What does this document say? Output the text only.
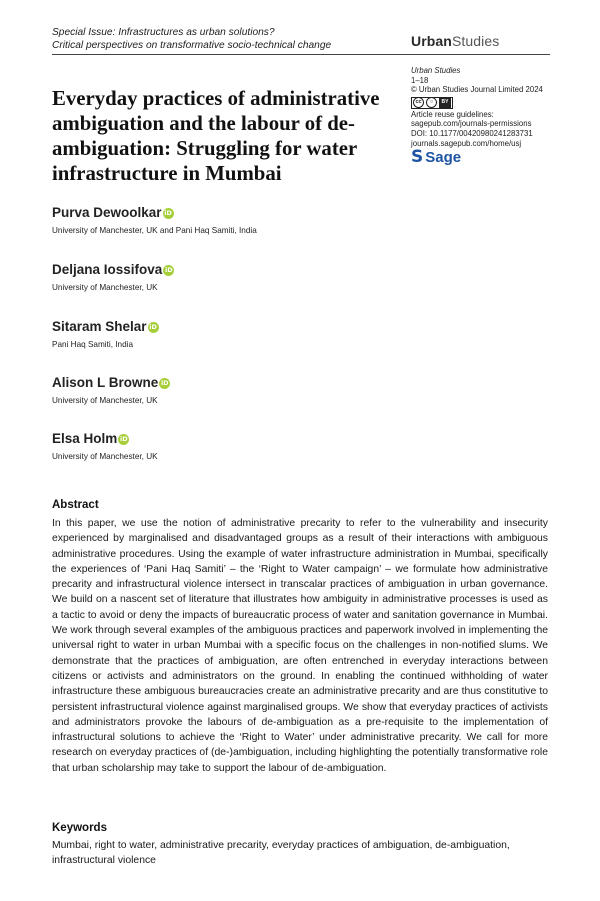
Special Issue: Infrastructures as urban solutions?
Critical perspectives on transformative socio-technical change	UrbanStudies
Everyday practices of administrative ambiguation and the labour of de-ambiguation: Struggling for water infrastructure in Mumbai
Urban Studies
1–18
© Urban Studies Journal Limited 2024
cc	○	BY
Article reuse guidelines:
sagepub.com/journals-permissions
DOI: 10.1177/00420980241283731
journals.sagepub.com/home/usj
S Sage
Purva Dewoolkar iD
University of Manchester, UK and Pani Haq Samiti, India
Deljana Iossifova iD
University of Manchester, UK
Sitaram Shelar iD
Pani Haq Samiti, India
Alison L Browne iD
University of Manchester, UK
Elsa Holm iD
University of Manchester, UK
Abstract
In this paper, we use the notion of administrative precarity to refer to the vulnerability and insecurity experienced by marginalised and disadvantaged groups as a result of their interactions with ambiguous administrative procedures. Using the example of water infrastructure administration in Mumbai, specifically the experiences of ‘Pani Haq Samiti’ – the ‘Right to Water campaign’ – we formulate how administrative precarity and infrastructural violence intersect in transcalar practices of ambiguation in urban governance. We build on a nascent set of literature that illustrates how ambiguity in administrative processes is used as a tactic to avoid or deny the impacts of bureaucratic process of water and sanitation governance in Mumbai. We work through several examples of the ambiguous practices and paperwork involved in implementing the universal right to water in urban Mumbai with a specific focus on the challenges in non-notified slums. We demonstrate that the practices of ambiguation, are often entrenched in everyday interactions between citizens or activists and administrators on the ground. In enabling the continued withholding of water infrastructure these ambiguous bureaucracies create an administrative precarity and are thus constitutive to persistent infrastructural violence against marginalised groups. We show that everyday practices of activists and administrators provoke the labours of de-ambiguation as a pre-requisite to the implementation of infrastructural solutions to achieve the ‘Right to Water’ under administrative precarity. We call for more research on everyday practices of (de-)ambiguation, including highlighting the potentially transformative role that urban scholarship may take to support the labour of de-ambiguation.
Keywords
Mumbai, right to water, administrative precarity, everyday practices of ambiguation, de-ambiguation, infrastructural violence
